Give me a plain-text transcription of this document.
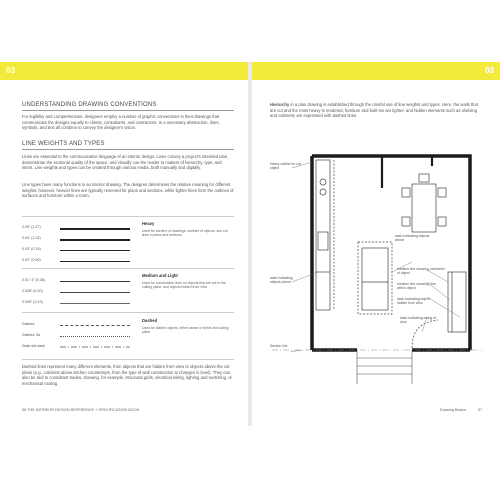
03	03
UNDERSTANDING DRAWING CONVENTIONS
For legibility and comprehension, designers employ a number of graphic conventions in their drawings that communicate the designs equally to clients, consultants, and contractors. In a necessary abstraction, lines, symbols, and text all combine to convey the designer's vision.
LINE WEIGHTS AND TYPES
Lines are essential to the communicative language of an interior design. Lines convey a project's intended plan, demonstrate the sectional quality of the space, and visually cue the reader to matters of hierarchy, type, and intent. Line weights and types can be created through various media, both manually and digitally.
Line types have many functions in an interior drawing. The designer determines the relative meaning for different weights; however, heavier lines are typically reserved for plans and sections, while lighter lines form the outlines of surfaces and furniture within a room.
0.05" (1.27)
0.04" (1.02)
0.03" (0.76)
0.02" (0.50)
Heavy
Used for borders of drawings, outlines of objects, and cut lines in plans and sections
0.01" 4" (0.36)
0.008" (0.20)
0.005" (0.13)
Medium and Light
Used for construction lines on objects that are not in the cutting plane, and objects hidden from view
Dashed
Dashed .5s
Dash dot dash
Dashed
Used for hidden objects, either above or below the cutting plane
Dashed lines represent many different elements, from objects that are hidden from view to objects above the cut plane (e.g., cabinets above kitchen countertops, from the type of wall construction to changes in level). They can also be tied to consultant trades, showing, for example, structural grids, electrical wiring, lighting and switching, or mechanical routing.
38 THE INTERIOR DESIGN REFERENCE + SPECIFICATION BOOK
Hierarchy in a plan drawing is established through the careful use of line weights and types. Here, the walls that are cut and the most heavy is rendered, furniture and built-ins are lighter, and hidden elements such as shelving and cabinetry are expressed with dashed lines.
Heavy outline for cut object
dash indicating objects above
dash indicating objects above
medium line showing, perimeter of object
medium line showing, line within object
dash indicating object hidden from view
dash indicating swing of door
Section line
Drawing Basics	37
